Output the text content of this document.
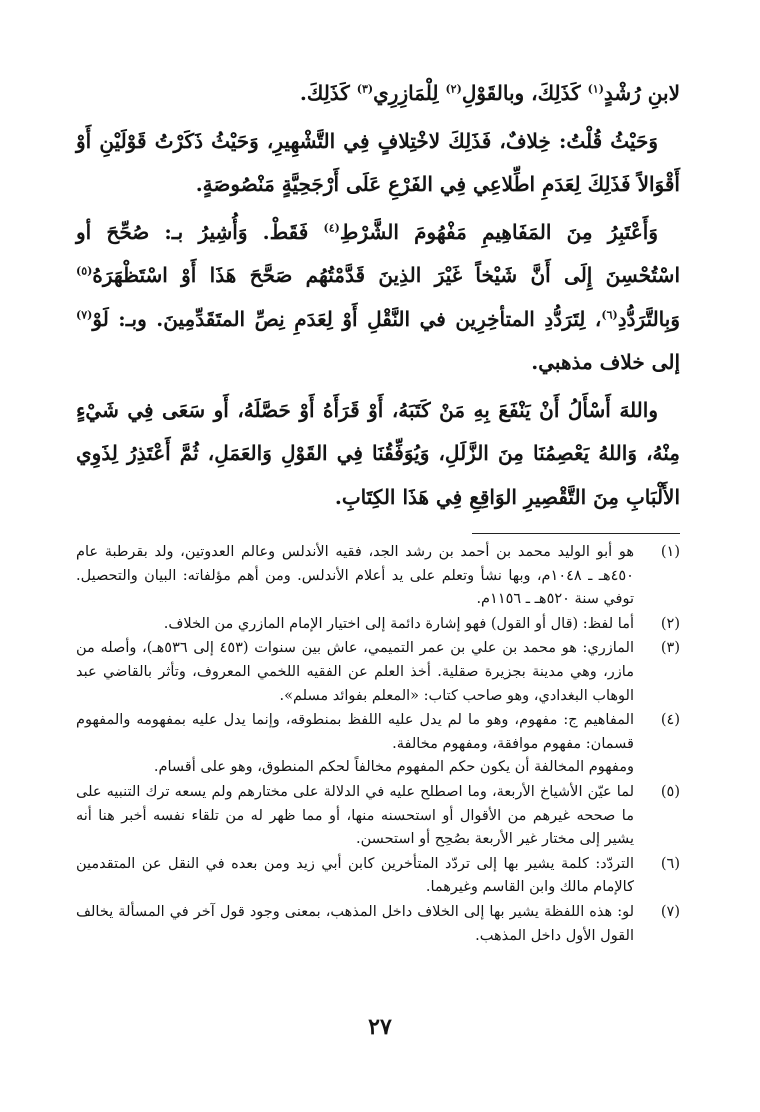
لابنِ رُشْدٍ$^{(١)}$ كَذَلِكَ، وبالقَوْلِ$^{(٢)}$ لِلْمَازِرِي$^{(٣)}$ كَذَلِكَ.

وَحَيْثُ قُلْتُ: خِلافٌ، فَذَلِكَ لاخْتِلافٍ فِي التَّشْهِيرِ، وَحَيْثُ ذَكَرْتُ قَوْلَيْنِ أَوْ أَقْوَالاً فَذَلِكَ لِعَدَمِ اطِّلاعِي فِي الفَرْعِ عَلَى أَرْجَحِيَّةٍ مَنْصُوصَةٍ.

وَأَعْتَبِرُ مِنَ المَفَاهِيمِ مَفْهُومَ الشَّرْطِ$^{(٤)}$ فَقَطْ. وَأُشِيرُ بـ: صُحِّحَ أو اسْتُحْسِنَ إِلَى أَنَّ شَيْخاً غَيْرَ الذِينَ قَدَّمْتُهُم صَحَّحَ هَذَا أَوْ اسْتَظْهَرَهُ$^{(٥)}$ وَبِالتَّرَدُّدِ$^{(٦)}$، لِتَرَدُّدِ المتأخِرِين في النَّقْلِ أَوْ لِعَدَمِ نِصِّ المتَقَدِّمِينَ. وبـ: لَوْ$^{(٧)}$ إلى خلاف مذهبي.

واللهَ أَسْأَلُ أَنْ يَنْفَعَ بِهِ مَنْ كَتَبَهُ، أَوْ قَرَأَهُ أَوْ حَصَّلَهُ، أَو سَعَى فِي شَيْءٍ مِنْهُ، وَاللهُ يَعْصِمُنَا مِنَ الزَّلَلِ، وَيُوَفِّقُنَا فِي القَوْلِ وَالعَمَلِ، ثُمَّ أَعْتَذِرُ لِذَوِي الأَلْبَابِ مِنَ التَّقْصِيرِ الوَاقِعِ فِي هَذَا الكِتَابِ.

(١)

هو أبو الوليد محمد بن أحمد بن رشد الجد، فقيه الأندلس وعالم العدوتين، ولد بقرطبة عام ٤٥٠هـ ـ ١٠٤٨م، وبها نشأ وتعلم على يد أعلام الأندلس. ومن أهم مؤلفاته: البيان والتحصيل. توفي سنة ٥٢٠هـ ـ ١١٥٦م.

(٢)

أما لفظ: (قال أو القول) فهو إشارة دائمة إلى اختيار الإمام المازري من الخلاف.

(٣)

المازري: هو محمد بن علي بن عمر التميمي، عاش بين سنوات (٤٥٣ إلى ٥٣٦هـ)، وأصله من مازر، وهي مدينة بجزيرة صقلية. أخذ العلم عن الفقيه اللخمي المعروف، وتأثر بالقاضي عبد الوهاب البغدادي، وهو صاحب كتاب: «المعلم بفوائد مسلم».

(٤)

المفاهيم ج: مفهوم، وهو ما لم يدل عليه اللفظ بمنطوقه، وإنما يدل عليه بمفهومه والمفهوم قسمان: مفهوم موافقة، ومفهوم مخالفة.

ومفهوم المخالفة أن يكون حكم المفهوم مخالفاً لحكم المنطوق، وهو على أقسام.

(٥)

لما عيّن الأشياخ الأربعة، وما اصطلح عليه في الدلالة على مختارهم ولم يسعه ترك التنبيه على ما صححه غيرهم من الأقوال أو استحسنه منها، أو مما ظهر له من تلقاء نفسه أخبر هنا أنه يشير إلى مختار غير الأربعة بصُحِح أو استحسن.

(٦)

التردّد: كلمة يشير بها إلى تردّد المتأخرين كابن أبي زيد ومن بعده في النقل عن المتقدمين كالإمام مالك وابن القاسم وغيرهما.

(٧)

لو: هذه اللفظة يشير بها إلى الخلاف داخل المذهب، بمعنى وجود قول آخر في المسألة يخالف القول الأول داخل المذهب.

٢٧
